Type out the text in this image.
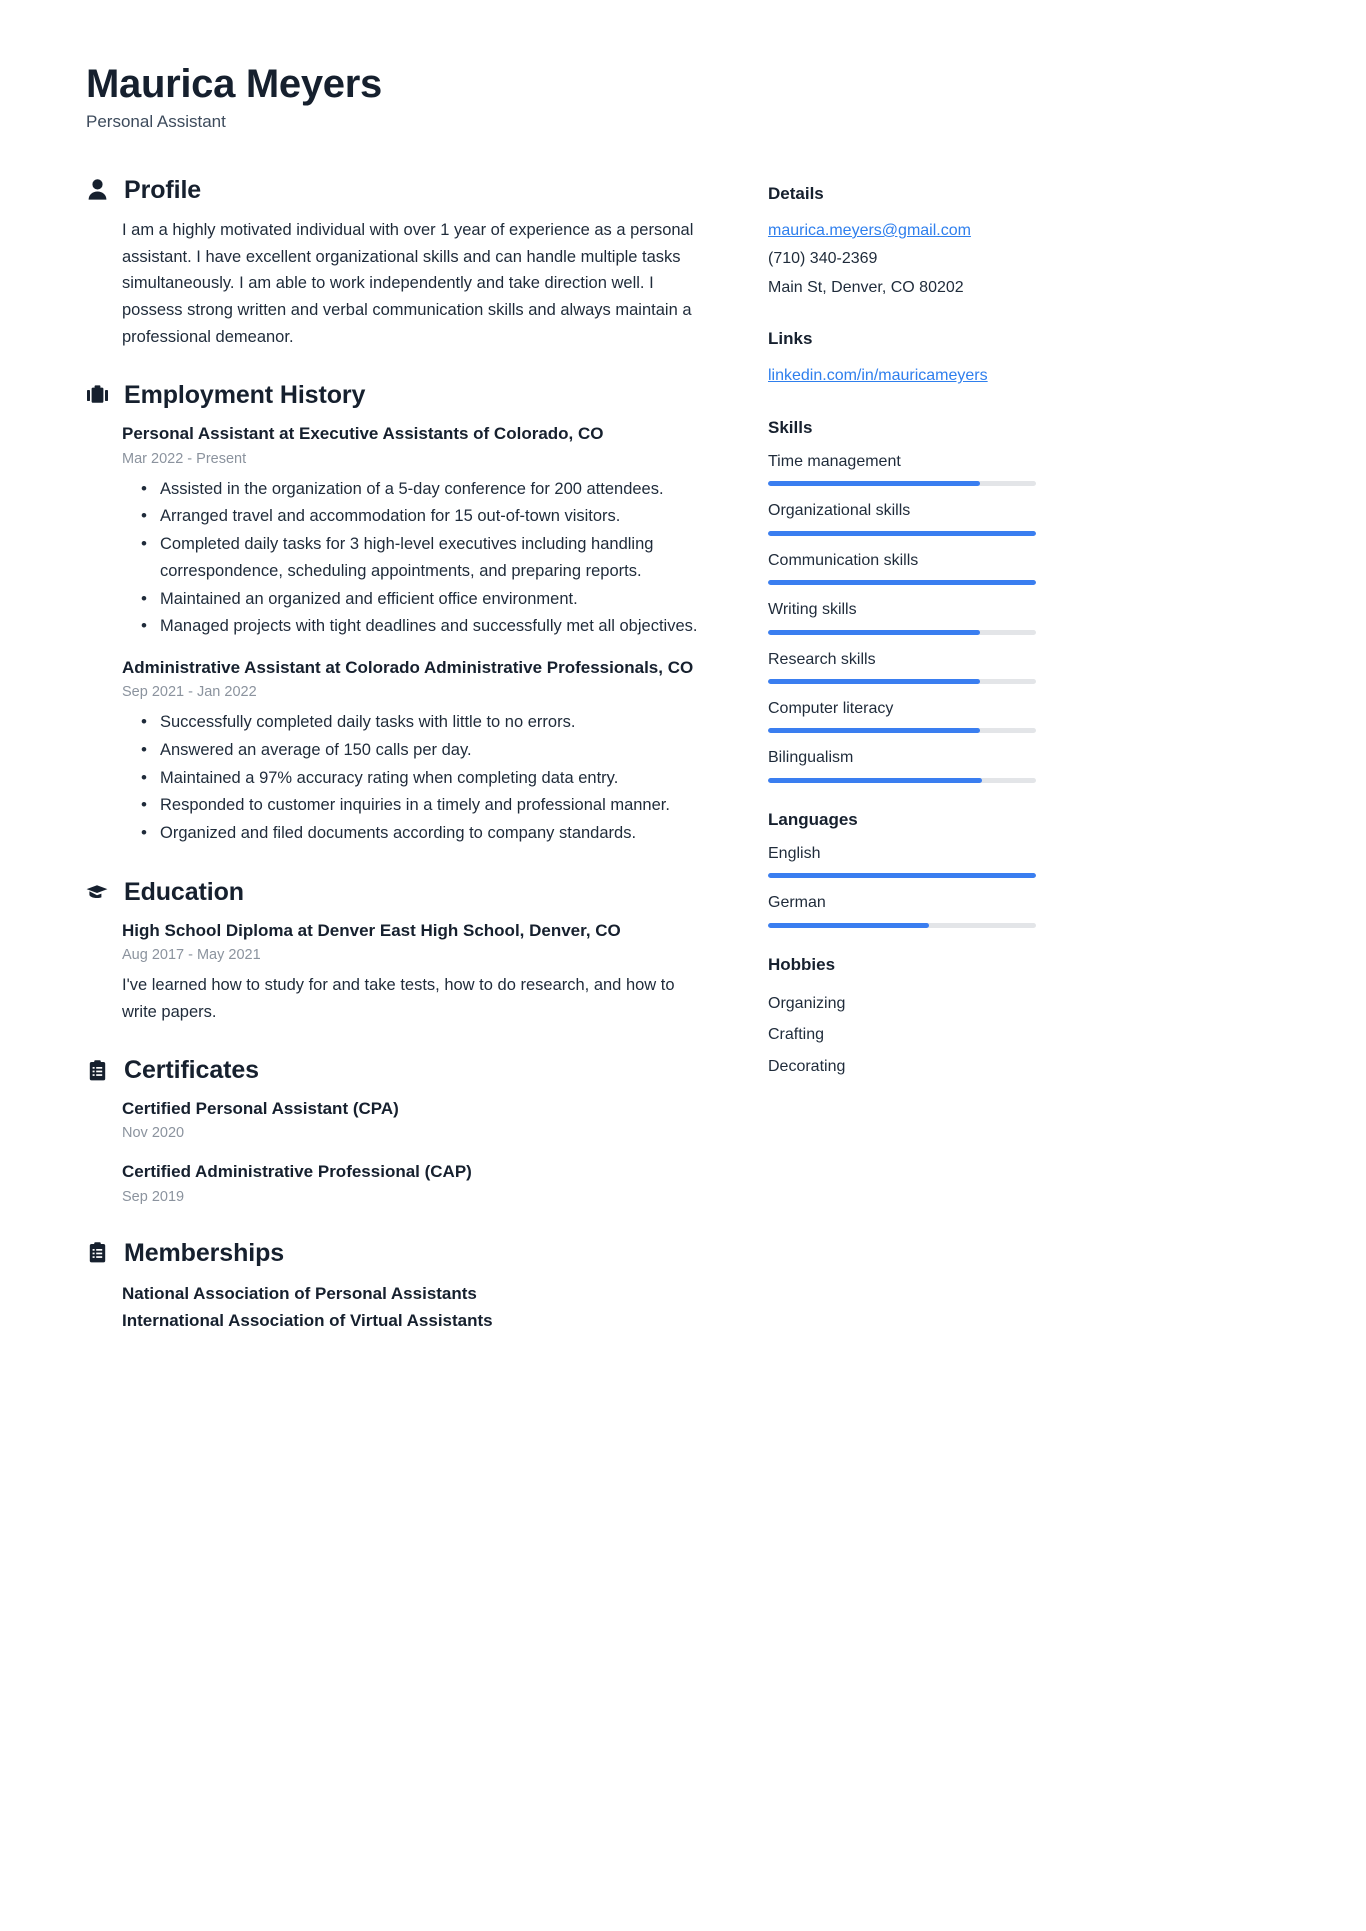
Maurica Meyers

Personal Assistant

Profile

I am a highly motivated individual with over 1 year of experience as a personal assistant. I have excellent organizational skills and can handle multiple tasks simultaneously. I am able to work independently and take direction well. I possess strong written and verbal communication skills and always maintain a professional demeanor.

Employment History
Personal Assistant at Executive Assistants of Colorado, CO
Mar 2022 - Present
• Assisted in the organization of a 5-day conference for 200 attendees.
• Arranged travel and accommodation for 15 out-of-town visitors.
• Completed daily tasks for 3 high-level executives including handling correspondence, scheduling appointments, and preparing reports.
• Maintained an organized and efficient office environment.
• Managed projects with tight deadlines and successfully met all objectives.
Administrative Assistant at Colorado Administrative Professionals, CO
Sep 2021 - Jan 2022
• Successfully completed daily tasks with little to no errors.
• Answered an average of 150 calls per day.
• Maintained a 97% accuracy rating when completing data entry.
• Responded to customer inquiries in a timely and professional manner.
• Organized and filed documents according to company standards.
Education
High School Diploma at Denver East High School, Denver, CO
Aug 2017 - May 2021

I've learned how to study for and take tests, how to do research, and how to write papers.

Certificates
Certified Personal Assistant (CPA)
Nov 2020
Certified Administrative Professional (CAP)
Sep 2019
Memberships
National Association of Personal Assistants
International Association of Virtual Assistants
Details
maurica.meyers@gmail.com
(710) 340-2369
Main St, Denver, CO 80202
Links
linkedin.com/in/mauricameyers
Skills
Time management
Organizational skills
Communication skills
Writing skills
Research skills
Computer literacy
Bilingualism
Languages
English
German
Hobbies
Organizing
Crafting
Decorating
